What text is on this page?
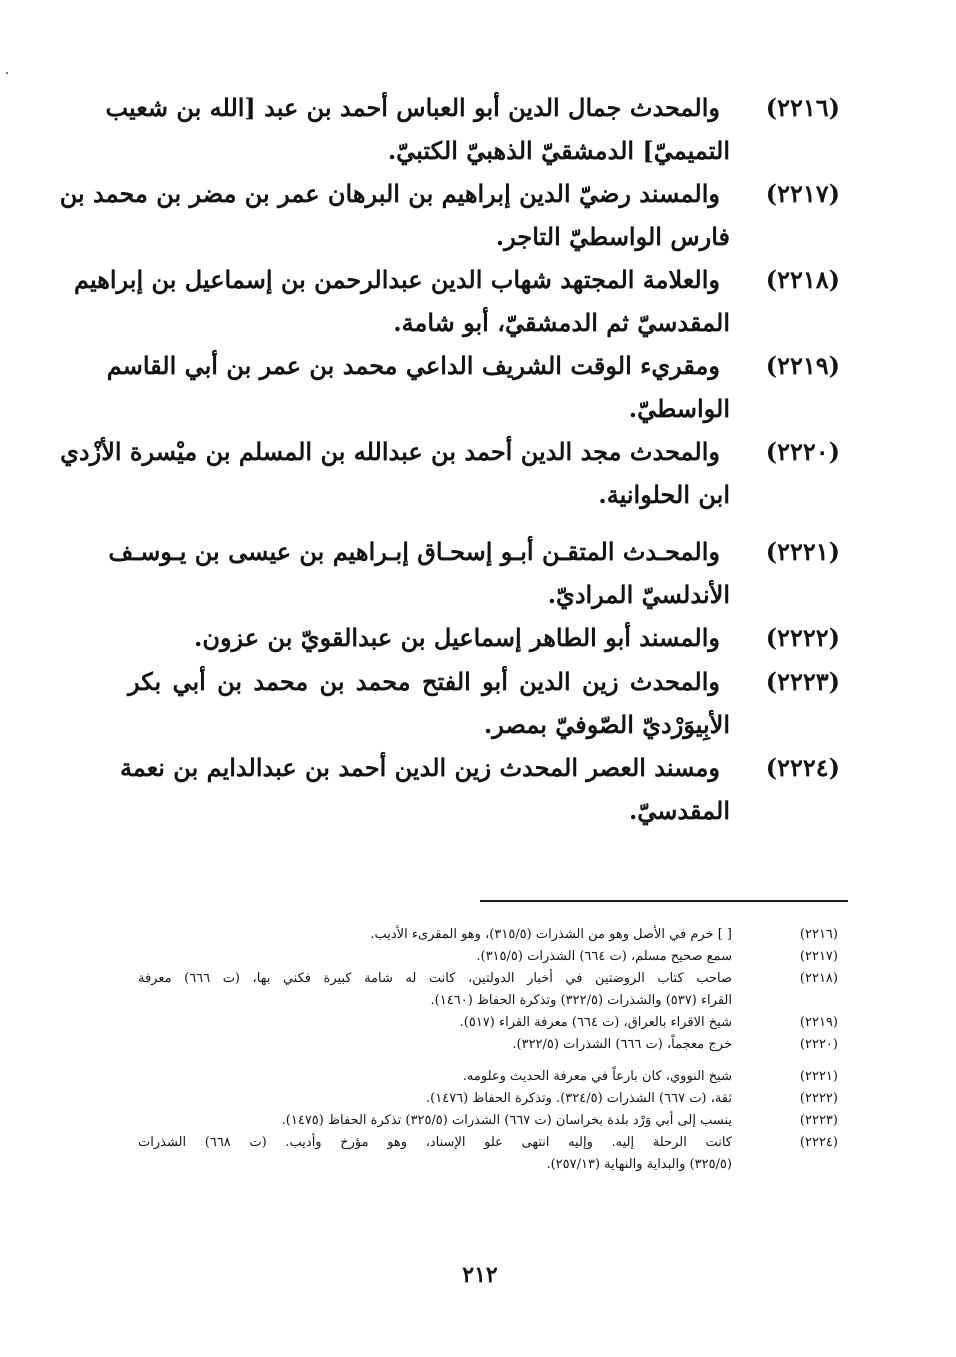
(٢٢١٦)
والمحدث جمال الدين أبو العباس أحمد بن عبد [الله بن شعيب
التميميّ] الدمشقيّ الذهبيّ الكتبيّ.
(٢٢١٧)
والمسند رضيّ الدين إبراهيم بن البرهان عمر بن مضر بن محمد بن
فارس الواسطيّ التاجر.
(٢٢١٨)
والعلامة المجتهد شهاب الدين عبدالرحمن بن إسماعيل بن إبراهيم
المقدسيّ ثم الدمشقيّ، أبو شامة.
(٢٢١٩)
ومقريء الوقت الشريف الداعي محمد بن عمر بن أبي القاسم
الواسطيّ.
(٢٢٢٠)
والمحدث مجد الدين أحمد بن عبدالله بن المسلم بن ميْسرة الأزْدي
ابن الحلوانية.
(٢٢٢١)
والمحـدث المتقـن أبـو إسحـاق إبـراهيم بن عيسى بن يـوسـف
الأندلسيّ المراديّ.
(٢٢٢٢)
والمسند أبو الطاهر إسماعيل بن عبدالقويّ بن عزون.
(٢٢٢٣)
والمحدث زين الدين أبو الفتح محمد بن محمد بن أبي بكر
الأبِيوَرْديّ الصّوفيّ بمصر.
(٢٢٢٤)
ومسند العصر المحدث زين الدين أحمد بن عبدالدايم بن نعمة
المقدسيّ.
(٢٢١٦)
[ ] خرم في الأصل وهو من الشذرات (٣١٥/٥)، وهو المقرىء الأديب.
(٢٢١٧)
سمع صحيح مسلم، (ت ٦٦٤) الشذرات (٣١٥/٥).
(٢٢١٨)
صاحب كتاب الروضتين في أخبار الدولتين، كانت له شامة كبيرة فكني بها، (ت ٦٦٦) معرفة
القراء (٥٣٧) والشذرات (٣٢٢/٥) وتذكرة الحفاظ (١٤٦٠).
(٢٢١٩)
شيخ الاقراء بالعراق، (ت ٦٦٤) معرفة القراء (٥١٧).
(٢٢٢٠)
خرج معجماً، (ت ٦٦٦) الشذرات (٣٢٢/٥).
(٢٢٢١)
شيخ النووي، كان بارعاً في معرفة الحديث وعلومه.
(٢٢٢٢)
ثقة، (ت ٦٦٧) الشذرات (٣٢٤/٥). وتذكرة الحفاظ (١٤٧٦).
(٢٢٢٣)
ينسب إلى أبي وَرْد بلدة بخراسان (ت ٦٦٧) الشذرات (٣٢٥/٥) تذكرة الحفاظ (١٤٧٥).
(٢٢٢٤)
كانت الرحلة إليه. وإليه انتهى علو الإسناد، وهو مؤرخ وأديب. (ت ٦٦٨) الشذرات
(٣٢٥/٥) والبداية والنهاية (٢٥٧/١٣).
٢١٢
